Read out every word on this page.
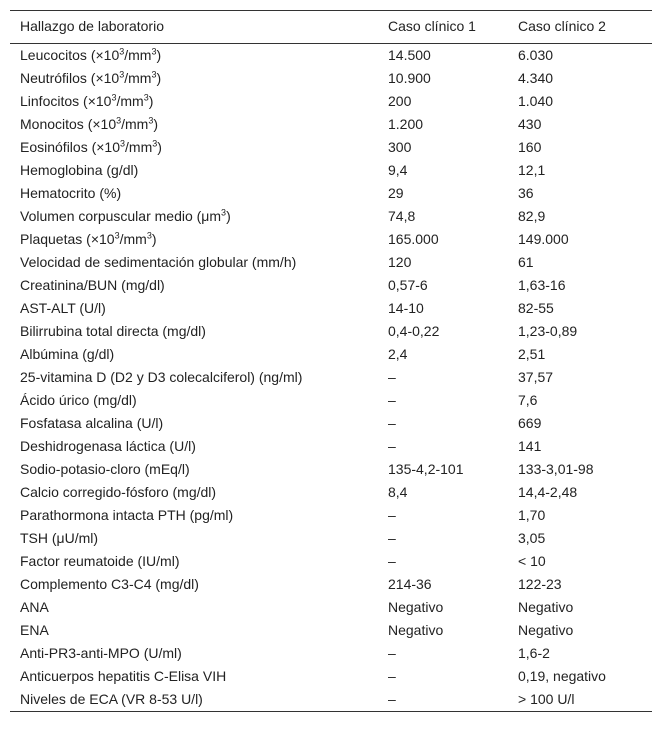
Hallazgo de laboratorio	Caso clínico 1	Caso clínico 2
Leucocitos $(\times 10^3/mm^3)$	14.500	6.030
Neutrófilos $(\times 10^3/mm^3)$	10.900	4.340
Linfocitos $(\times 10^3/mm^3)$	200	1.040
Monocitos $(\times 10^3/mm^3)$	1.200	430
Eosinófilos $(\times 10^3/mm^3)$	300	160
Hemoglobina (g/dl)	9,4	12,1
Hematocrito (%)	29	36
Volumen corpuscular medio $(\mu m^3)$	74,8	82,9
Plaquetas $(\times 10^3/mm^3)$	165.000	149.000
Velocidad de sedimentación globular (mm/h)	120	61
Creatinina/BUN (mg/dl)	0,57-6	1,63-16
AST-ALT (U/l)	14-10	82-55
Bilirrubina total directa (mg/dl)	0,4-0,22	1,23-0,89
Albúmina (g/dl)	2,4	2,51
25-vitamina D (D2 y D3 colecalciferol) (ng/ml)	–	37,57
Ácido úrico (mg/dl)	–	7,6
Fosfatasa alcalina (U/l)	–	669
Deshidrogenasa láctica (U/l)	–	141
Sodio-potasio-cloro (mEq/l)	135-4,2-101	133-3,01-98
Calcio corregido-fósforo (mg/dl)	8,4	14,4-2,48
Parathormona intacta PTH (pg/ml)	–	1,70
TSH (μU/ml)	–	3,05
Factor reumatoide (IU/ml)	–	< 10
Complemento C3-C4 (mg/dl)	214-36	122-23
ANA	Negativo	Negativo
ENA	Negativo	Negativo
Anti-PR3-anti-MPO (U/ml)	–	1,6-2
Anticuerpos hepatitis C-Elisa VIH	–	0,19, negativo
Niveles de ECA (VR 8-53 U/l)	–	> 100 U/l
